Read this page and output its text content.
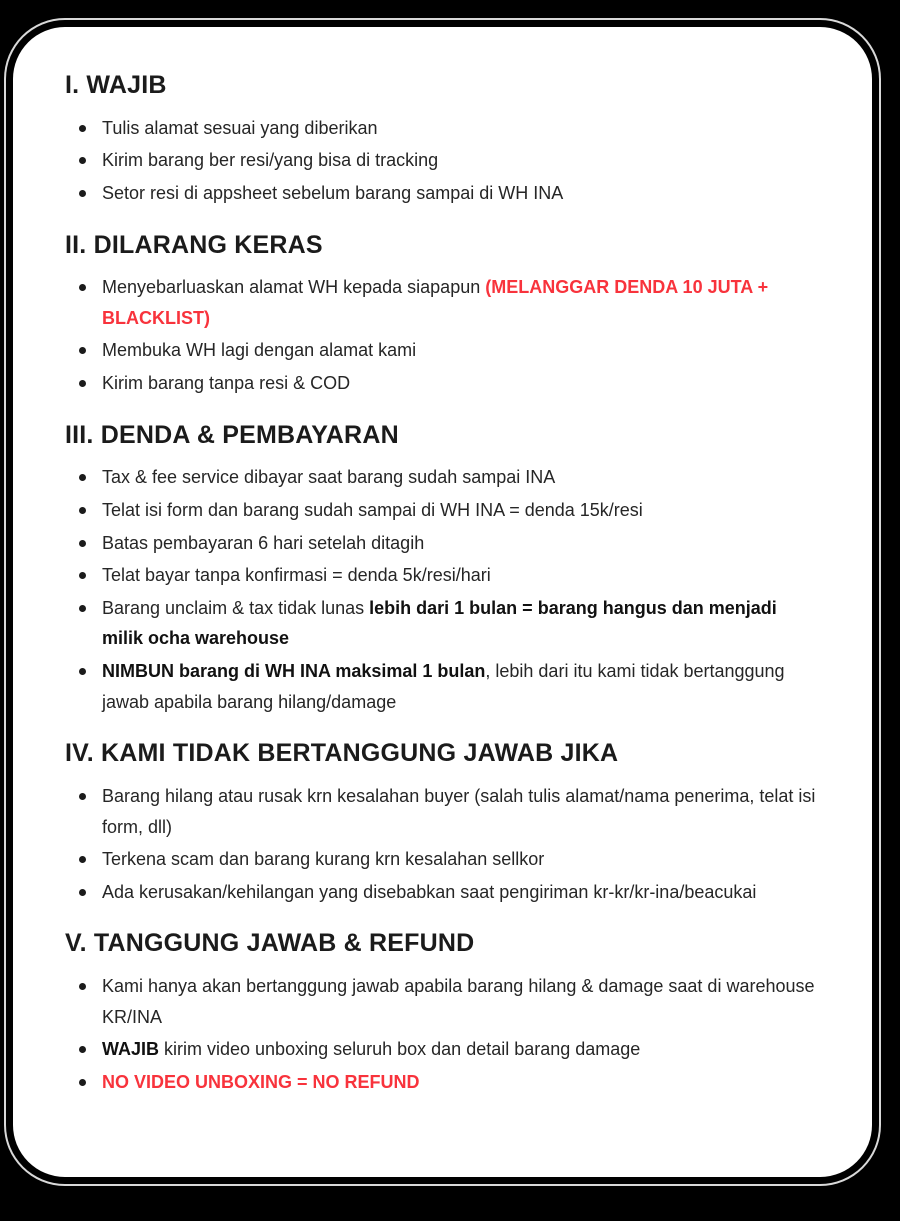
I. WAJIB
Tulis alamat sesuai yang diberikan
Kirim barang ber resi/yang bisa di tracking
Setor resi di appsheet sebelum barang sampai di WH INA
II. DILARANG KERAS
Menyebarluaskan alamat WH kepada siapapun (MELANGGAR DENDA 10 JUTA + BLACKLIST)
Membuka WH lagi dengan alamat kami
Kirim barang tanpa resi & COD
III. DENDA & PEMBAYARAN
Tax & fee service dibayar saat barang sudah sampai INA
Telat isi form dan barang sudah sampai di WH INA = denda 15k/resi
Batas pembayaran 6 hari setelah ditagih
Telat bayar tanpa konfirmasi = denda 5k/resi/hari
Barang unclaim & tax tidak lunas lebih dari 1 bulan = barang hangus dan menjadi milik ocha warehouse
NIMBUN barang di WH INA maksimal 1 bulan, lebih dari itu kami tidak bertanggung jawab apabila barang hilang/damage
IV. KAMI TIDAK BERTANGGUNG JAWAB JIKA
Barang hilang atau rusak krn kesalahan buyer (salah tulis alamat/nama penerima, telat isi form, dll)
Terkena scam dan barang kurang krn kesalahan sellkor
Ada kerusakan/kehilangan yang disebabkan saat pengiriman kr-kr/kr-ina/beacukai
V. TANGGUNG JAWAB & REFUND
Kami hanya akan bertanggung jawab apabila barang hilang & damage saat di warehouse KR/INA
WAJIB kirim video unboxing seluruh box dan detail barang damage
NO VIDEO UNBOXING = NO REFUND
